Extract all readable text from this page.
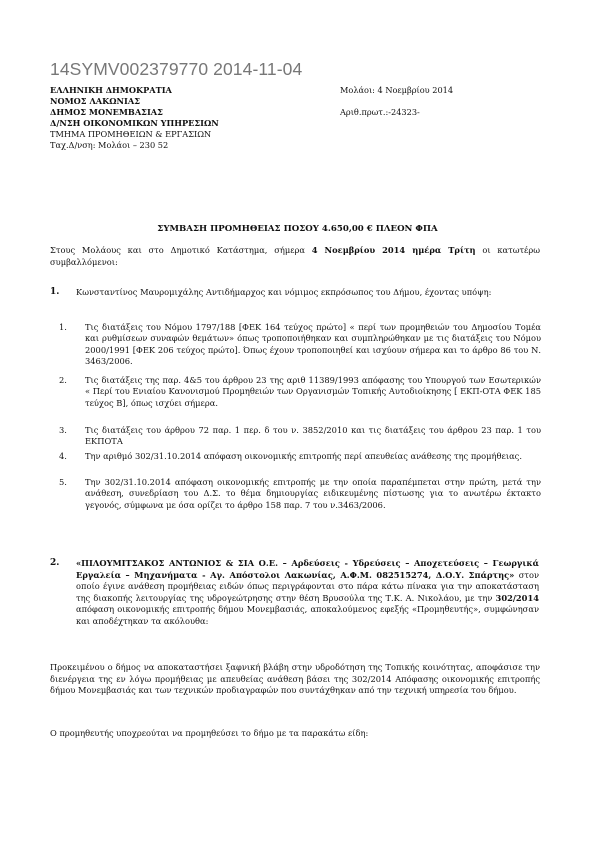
14SYMV002379770 2014-11-04
ΕΛΛΗΝΙΚΗ ΔΗΜΟΚΡΑΤΙΑ
ΝΟΜΟΣ ΛΑΚΩΝΙΑΣ
ΔΗΜΟΣ ΜΟΝΕΜΒΑΣΙΑΣ
Δ/ΝΣΗ ΟΙΚΟΝΟΜΙΚΩΝ ΥΠΗΡΕΣΙΩΝ
ΤΜΗΜΑ ΠΡΟΜΗΘΕΙΩΝ & ΕΡΓΑΣΙΩΝ
Ταχ.Δ/νση: Μολάοι – 230 52
Μολάοι: 4 Νοεμβρίου 2014
Αριθ.πρωτ.:-24323-
ΣΥΜΒΑΣΗ ΠΡΟΜΗΘΕΙΑΣ ΠΟΣΟΥ 4.650,00 € ΠΛΕΟΝ ΦΠΑ
Στους Μολάους και στο Δημοτικό Κατάστημα, σήμερα 4 Νοεμβρίου 2014 ημέρα Τρίτη οι κατωτέρω συμβαλλόμενοι:
1. Κωνσταντίνος Μαυρομιχάλης Αντιδήμαρχος και νόμιμος εκπρόσωπος του Δήμου, έχοντας υπόψη:
1. Τις διατάξεις του Νόμου 1797/188 [ΦΕΚ 164 τεύχος πρώτο] « περί των προμηθειών του Δημοσίου Τομέα και ρυθμίσεων συναφών θεμάτων» όπως τροποποιήθηκαν και συμπληρώθηκαν με τις διατάξεις του Νόμου 2000/1991 [ΦΕΚ 206 τεύχος πρώτο]. Όπως έχουν τροποποιηθεί και ισχύουν σήμερα και το άρθρο 86 του Ν. 3463/2006.
2. Τις διατάξεις της παρ. 4&5 του άρθρου 23 της αριθ 11389/1993 απόφασης του Υπουργού των Εσωτερικών « Περί του Ενιαίου Κανονισμού Προμηθειών των Οργανισμών Τοπικής Αυτοδιοίκησης [ ΕΚΠ-ΟΤΑ ΦΕΚ 185 τεύχος Β], όπως ισχύει σήμερα.
3. Τις διατάξεις του άρθρου 72 παρ. 1 περ. δ του ν. 3852/2010 και τις διατάξεις του άρθρου 23 παρ. 1 του ΕΚΠΟΤΑ
4. Την αριθμό 302/31.10.2014 απόφαση οικονομικής επιτροπής περί απευθείας ανάθεσης της προμήθειας.
5. Την 302/31.10.2014 απόφαση οικονομικής επιτροπής με την οποία παραπέμπεται στην πρώτη, μετά την ανάθεση, συνεδρίαση του Δ.Σ. το θέμα δημιουργίας ειδικευμένης πίστωσης για το ανωτέρω έκτακτο γεγονός, σύμφωνα με όσα ορίζει το άρθρο 158 παρ. 7 του ν.3463/2006.
2. «ΠΙΛΟΥΜΙΤΣΑΚΟΣ ΑΝΤΩΝΙΟΣ & ΣΙΑ Ο.Ε. – Αρδεύσεις - Υδρεύσεις – Αποχετεύσεις – Γεωργικά Εργαλεία – Μηχανήματα - Αγ. Απόστολοι Λακωνίας, Α.Φ.Μ. 082515274, Δ.Ο.Υ. Σπάρτης» στον οποίο έγινε ανάθεση προμήθειας ειδών όπως περιγράφονται στο πάρα κάτω πίνακα για την αποκατάσταση της διακοπής λειτουργίας της υδρογεώτρησης στην θέση Βρυσούλα της Τ.Κ. Α. Νικολάου, με την 302/2014 απόφαση οικονομικής επιτροπής δήμου Μονεμβασιάς, αποκαλούμενος εφεξής «Προμηθευτής», συμφώνησαν και αποδέχτηκαν τα ακόλουθα:
Προκειμένου ο δήμος να αποκαταστήσει ξαφνική βλάβη στην υδροδότηση της Τοπικής κοινότητας, αποφάσισε την διενέργεια της εν λόγω προμήθειας με απευθείας ανάθεση βάσει της 302/2014 Απόφασης οικονομικής επιτροπής δήμου Μονεμβασιάς και των τεχνικών προδιαγραφών που συντάχθηκαν από την τεχνική υπηρεσία του δήμου.
Ο προμηθευτής υποχρεούται να προμηθεύσει το δήμο με τα παρακάτω είδη:
